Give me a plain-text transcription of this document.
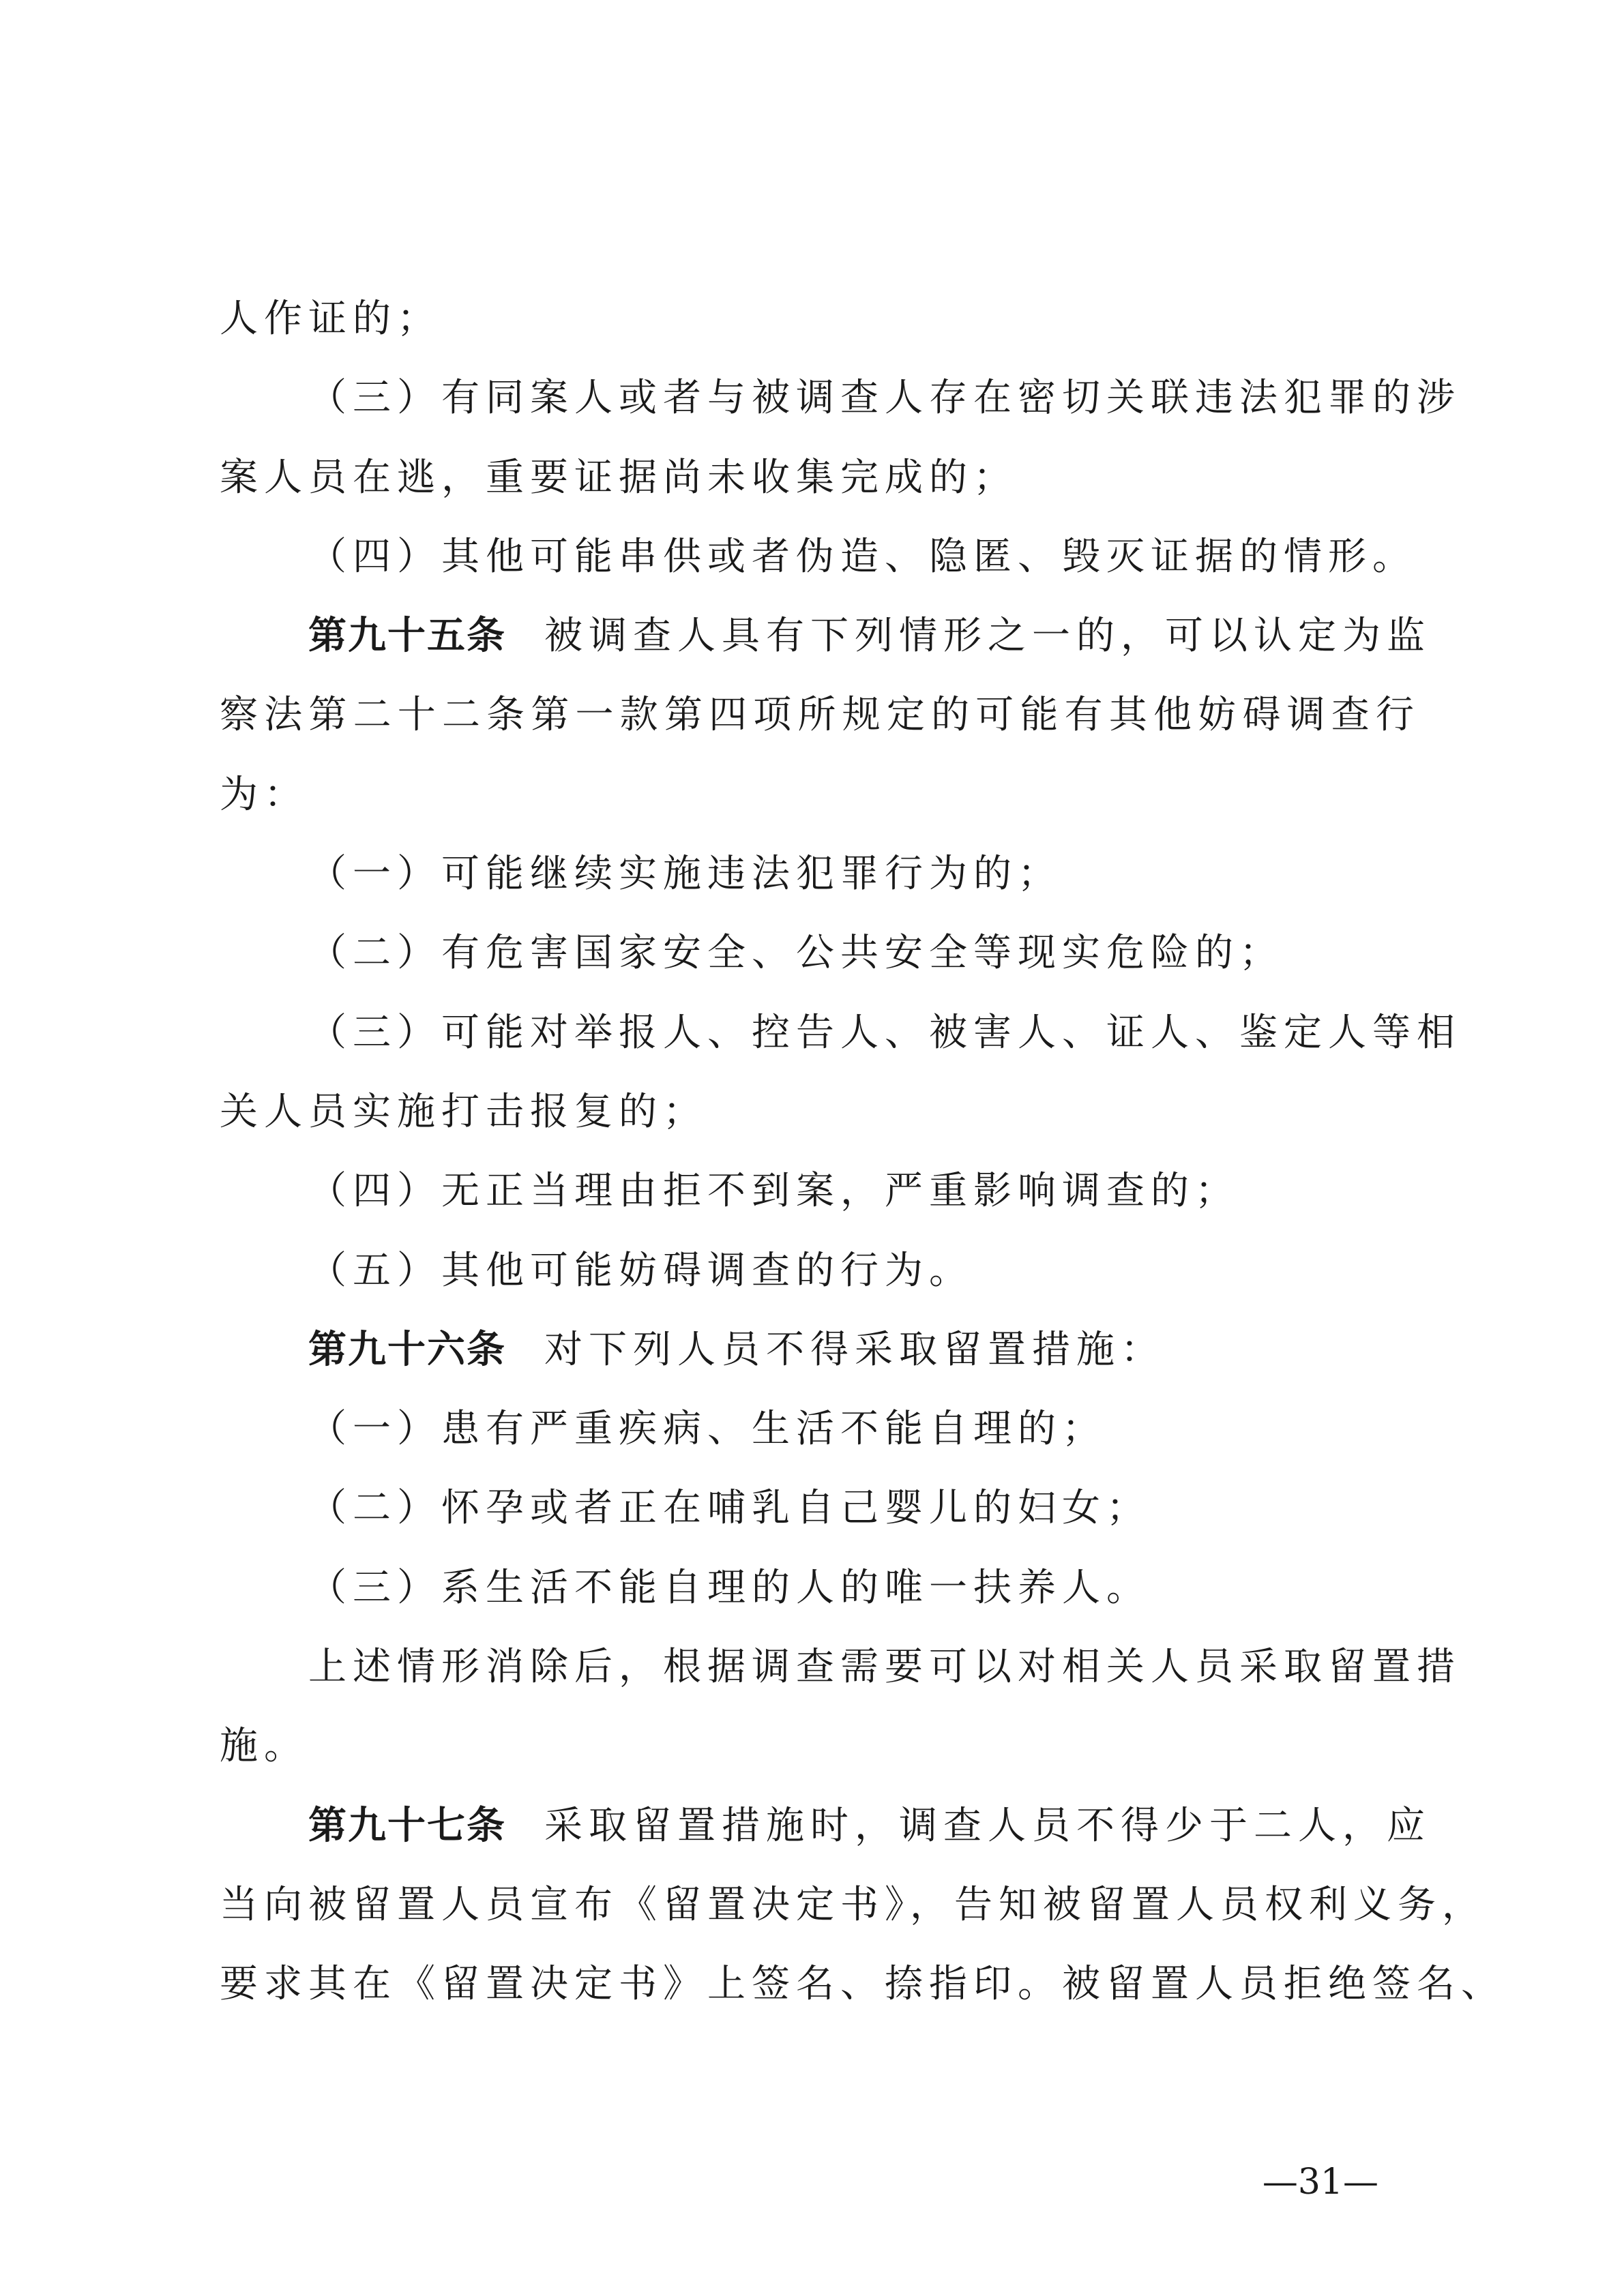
人作证的；
（三）有同案人或者与被调查人存在密切关联违法犯罪的涉
案人员在逃，重要证据尚未收集完成的；
（四）其他可能串供或者伪造、隐匿、毁灭证据的情形。
第九十五条 被调查人具有下列情形之一的，可以认定为监
察法第二十二条第一款第四项所规定的可能有其他妨碍调查行
为：
（一）可能继续实施违法犯罪行为的；
（二）有危害国家安全、公共安全等现实危险的；
（三）可能对举报人、控告人、被害人、证人、鉴定人等相
关人员实施打击报复的；
（四）无正当理由拒不到案，严重影响调查的；
（五）其他可能妨碍调查的行为。
第九十六条 对下列人员不得采取留置措施：
（一）患有严重疾病、生活不能自理的；
（二）怀孕或者正在哺乳自己婴儿的妇女；
（三）系生活不能自理的人的唯一扶养人。
上述情形消除后，根据调查需要可以对相关人员采取留置措
施。
第九十七条 采取留置措施时，调查人员不得少于二人，应
当向被留置人员宣布《留置决定书》，告知被留置人员权利义务，
要求其在《留置决定书》上签名、捺指印。被留置人员拒绝签名、
—31—
